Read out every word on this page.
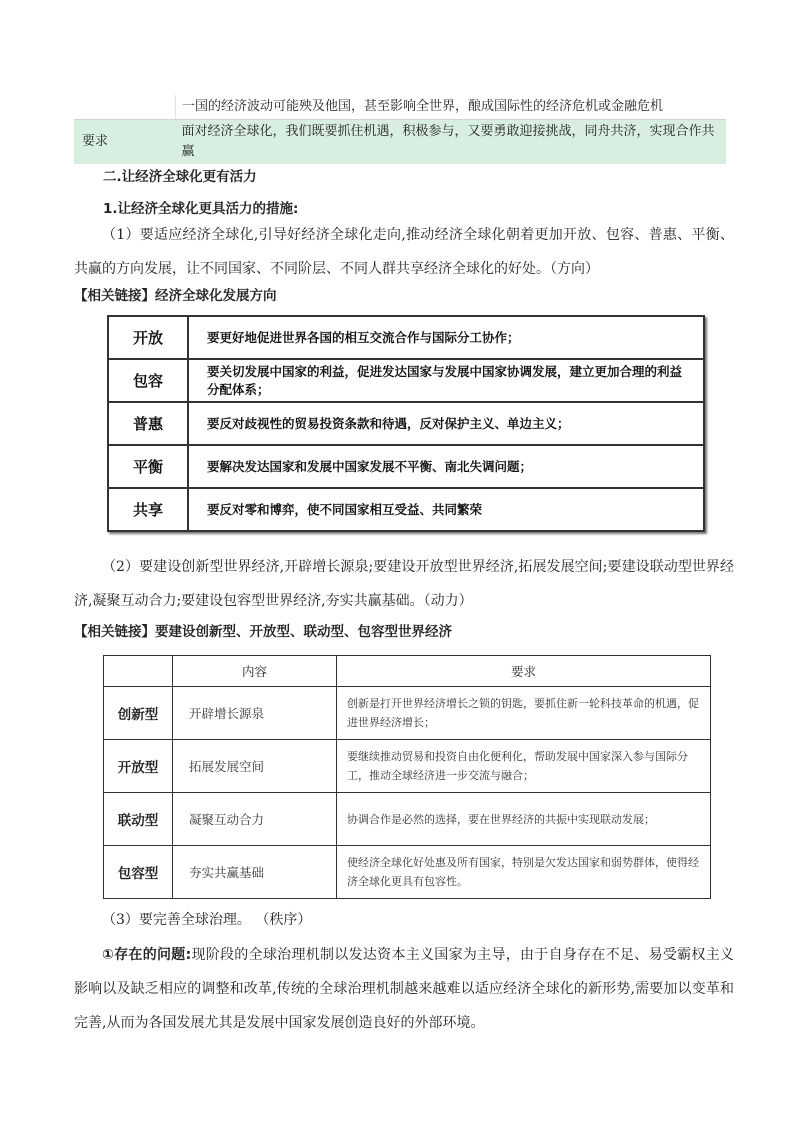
	一国的经济波动可能殃及他国，甚至影响全世界，酿成国际性的经济危机或金融危机
要求	面对经济全球化，我们既要抓住机遇，积极参与，又要勇敢迎接挑战，同舟共济，实现合作共赢
二.让经济全球化更有活力
1.让经济全球化更具活力的措施:
（1）要适应经济全球化,引导好经济全球化走向,推动经济全球化朝着更加开放、包容、普惠、平衡、共赢的方向发展，让不同国家、不同阶层、不同人群共享经济全球化的好处。（方向）
【相关链接】经济全球化发展方向
开放	要更好地促进世界各国的相互交流合作与国际分工协作；
包容	要关切发展中国家的利益，促进发达国家与发展中国家协调发展，建立更加合理的利益分配体系；
普惠	要反对歧视性的贸易投资条款和待遇，反对保护主义、单边主义；
平衡	要解决发达国家和发展中国家发展不平衡、南北失调问题；
共享	要反对零和博弈，使不同国家相互受益、共同繁荣
（2）要建设创新型世界经济,开辟增长源泉;要建设开放型世界经济,拓展发展空间;要建设联动型世界经济,凝聚互动合力;要建设包容型世界经济,夯实共赢基础。（动力）
【相关链接】要建设创新型、开放型、联动型、包容型世界经济
	内容	要求
创新型	开辟增长源泉	创新是打开世界经济增长之锁的钥匙，要抓住新一轮科技革命的机遇，促进世界经济增长；
开放型	拓展发展空间	要继续推动贸易和投资自由化便利化，帮助发展中国家深入参与国际分工，推动全球经济进一步交流与融合；
联动型	凝聚互动合力	协调合作是必然的选择，要在世界经济的共振中实现联动发展；
包容型	夯实共赢基础	使经济全球化好处惠及所有国家，特别是欠发达国家和弱势群体，使得经济全球化更具有包容性。
（3）要完善全球治理。 （秩序）
①存在的问题:现阶段的全球治理机制以发达资本主义国家为主导，由于自身存在不足、易受霸权主义影响以及缺乏相应的调整和改革,传统的全球治理机制越来越难以适应经济全球化的新形势,需要加以变革和完善,从而为各国发展尤其是发展中国家发展创造良好的外部环境。
